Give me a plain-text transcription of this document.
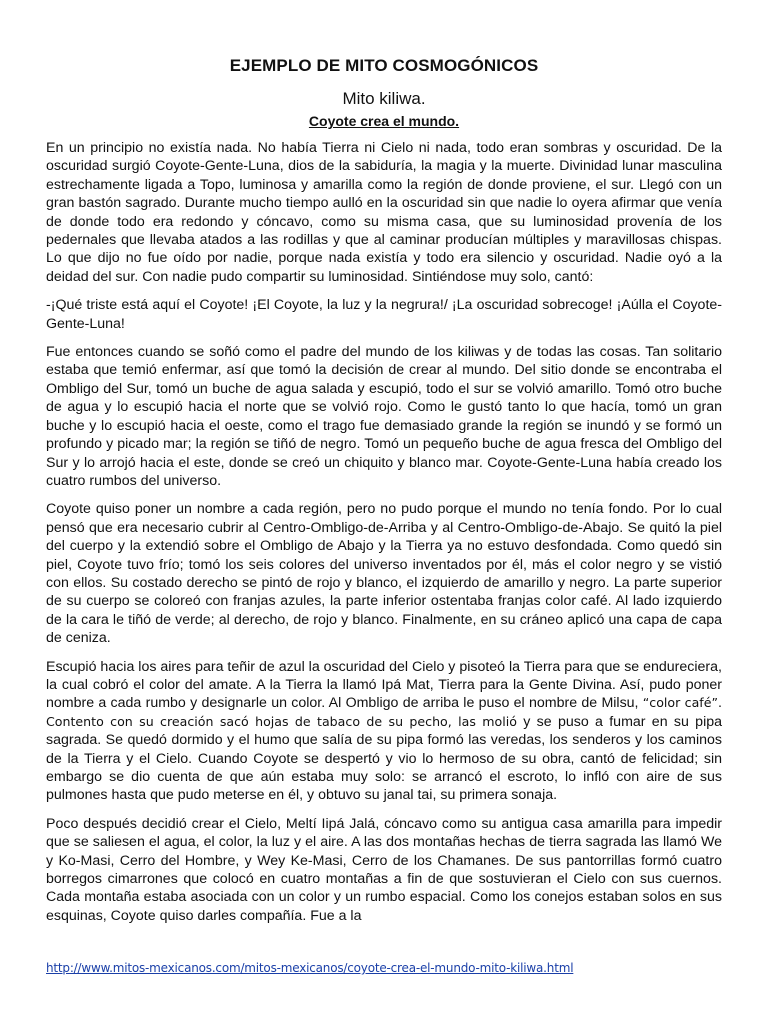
EJEMPLO DE MITO COSMOGÓNICOS
Mito kiliwa.
Coyote crea el mundo.

En un principio no existía nada. No había Tierra ni Cielo ni nada, todo eran sombras y oscuridad. De la oscuridad surgió Coyote-Gente-Luna, dios de la sabiduría, la magia y la muerte. Divinidad lunar masculina estrechamente ligada a Topo, luminosa y amarilla como la región de donde proviene, el sur. Llegó con un gran bastón sagrado. Durante mucho tiempo aulló en la oscuridad sin que nadie lo oyera afirmar que venía de donde todo era redondo y cóncavo, como su misma casa, que su luminosidad provenía de los pedernales que llevaba atados a las rodillas y que al caminar producían múltiples y maravillosas chispas. Lo que dijo no fue oído por nadie, porque nada existía y todo era silencio y oscuridad. Nadie oyó a la deidad del sur. Con nadie pudo compartir su luminosidad. Sintiéndose muy solo, cantó:

-¡Qué triste está aquí el Coyote! ¡El Coyote, la luz y la negrura!/ ¡La oscuridad sobrecoge! ¡Aúlla el Coyote-Gente-Luna!

Fue entonces cuando se soñó como el padre del mundo de los kiliwas y de todas las cosas. Tan solitario estaba que temió enfermar, así que tomó la decisión de crear al mundo. Del sitio donde se encontraba el Ombligo del Sur, tomó un buche de agua salada y escupió, todo el sur se volvió amarillo. Tomó otro buche de agua y lo escupió hacia el norte que se volvió rojo. Como le gustó tanto lo que hacía, tomó un gran buche y lo escupió hacia el oeste, como el trago fue demasiado grande la región se inundó y se formó un profundo y picado mar; la región se tiñó de negro. Tomó un pequeño buche de agua fresca del Ombligo del Sur y lo arrojó hacia el este, donde se creó un chiquito y blanco mar. Coyote-Gente-Luna había creado los cuatro rumbos del universo.

Coyote quiso poner un nombre a cada región, pero no pudo porque el mundo no tenía fondo. Por lo cual pensó que era necesario cubrir al Centro-Ombligo-de-Arriba y al Centro-Ombligo-de-Abajo. Se quitó la piel del cuerpo y la extendió sobre el Ombligo de Abajo y la Tierra ya no estuvo desfondada. Como quedó sin piel, Coyote tuvo frío; tomó los seis colores del universo inventados por él, más el color negro y se vistió con ellos. Su costado derecho se pintó de rojo y blanco, el izquierdo de amarillo y negro. La parte superior de su cuerpo se coloreó con franjas azules, la parte inferior ostentaba franjas color café. Al lado izquierdo de la cara le tiñó de verde; al derecho, de rojo y blanco. Finalmente, en su cráneo aplicó una capa de capa de ceniza.

Escupió hacia los aires para teñir de azul la oscuridad del Cielo y pisoteó la Tierra para que se endureciera, la cual cobró el color del amate. A la Tierra la llamó Ipá Mat, Tierra para la Gente Divina. Así, pudo poner nombre a cada rumbo y designarle un color. Al Ombligo de arriba le puso el nombre de Milsu, “color café”. Contento con su creación sacó hojas de tabaco de su pecho, las molió y se puso a fumar en su pipa sagrada. Se quedó dormido y el humo que salía de su pipa formó las veredas, los senderos y los caminos de la Tierra y el Cielo. Cuando Coyote se despertó y vio lo hermoso de su obra, cantó de felicidad; sin embargo se dio cuenta de que aún estaba muy solo: se arrancó el escroto, lo infló con aire de sus pulmones hasta que pudo meterse en él, y obtuvo su janal tai, su primera sonaja.

Poco después decidió crear el Cielo, Meltí Iipá Jalá, cóncavo como su antigua casa amarilla para impedir que se saliesen el agua, el color, la luz y el aire. A las dos montañas hechas de tierra sagrada las llamó We y Ko-Masi, Cerro del Hombre, y Wey Ke-Masi, Cerro de los Chamanes. De sus pantorrillas formó cuatro borregos cimarrones que colocó en cuatro montañas a fin de que sostuvieran el Cielo con sus cuernos. Cada montaña estaba asociada con un color y un rumbo espacial. Como los conejos estaban solos en sus esquinas, Coyote quiso darles compañía. Fue a la

http://www.mitos-mexicanos.com/mitos-mexicanos/coyote-crea-el-mundo-mito-kiliwa.html
